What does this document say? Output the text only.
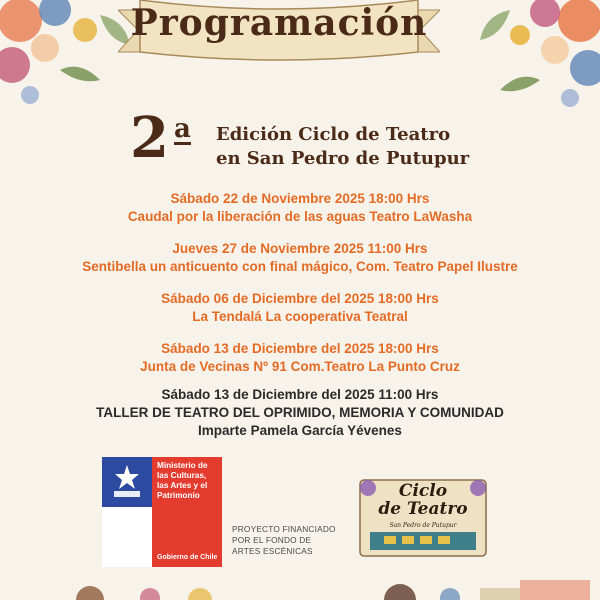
Programación
2 a Edición Ciclo de Teatro
en San Pedro de Putupur
Sábado 22 de Noviembre 2025 18:00 Hrs
Caudal por la liberación de las aguas Teatro LaWasha
Jueves 27 de Noviembre 2025 11:00 Hrs
Sentibella un anticuento con final mágico, Com. Teatro Papel Ilustre
Sábado 06 de Diciembre del 2025 18:00 Hrs
La Tendalá La cooperativa Teatral
Sábado 13 de Diciembre del 2025 18:00 Hrs
Junta de Vecinas Nº 91 Com.Teatro La Punto Cruz
Sábado 13 de Diciembre del 2025 11:00 Hrs
TALLER DE TEATRO DEL OPRIMIDO, MEMORIA Y COMUNIDAD
Imparte Pamela García Yévenes
Ministerio de
las Culturas,
las Artes y el
Patrimonio
Gobierno de Chile
PROYECTO FINANCIADO
POR EL FONDO DE
ARTES ESCÉNICAS
Ciclo
de Teatro
San Pedro de Putupur
